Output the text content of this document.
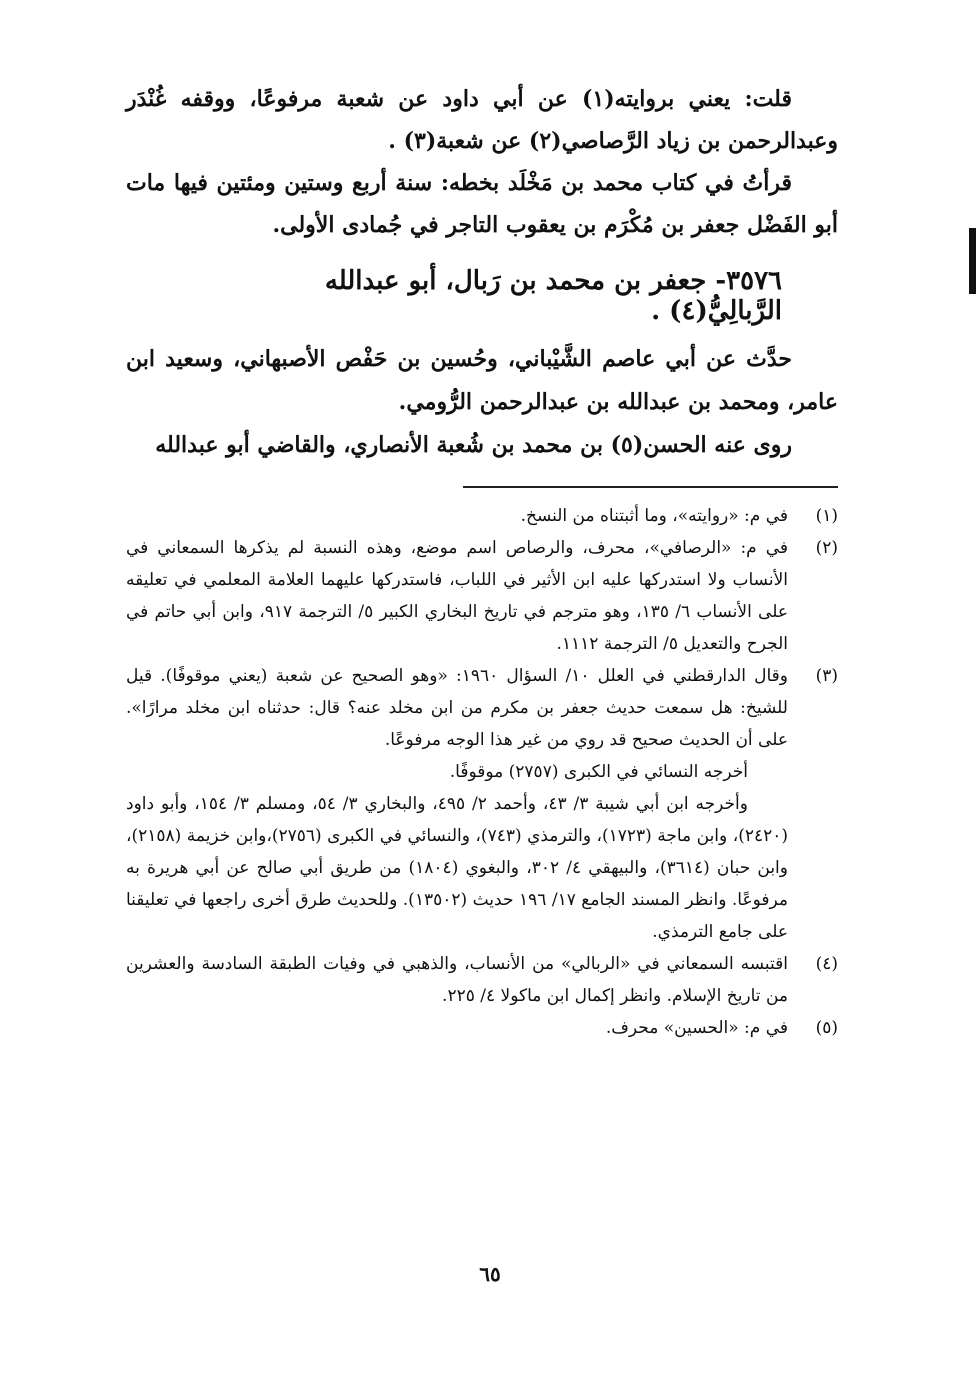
قلت: يعني بروايته(١) عن أبي داود عن شعبة مرفوعًا، ووقفه غُنْدَر وعبدالرحمن بن زياد الرَّصاصي(٢) عن شعبة(٣) .

قرأتُ في كتاب محمد بن مَخْلَد بخطه: سنة أربع وستين ومئتين فيها مات أبو الفَضْل جعفر بن مُكْرَم بن يعقوب التاجر في جُمادى الأولى.

٣٥٧٦- جعفر بن محمد بن رَبال، أبو عبدالله الرَّبالِيُّ(٤) .

حدَّث عن أبي عاصم الشَّيْباني، وحُسين بن حَفْص الأصبهاني، وسعيد ابن عامر، ومحمد بن عبدالله بن عبدالرحمن الرُّومي.

روى عنه الحسن(٥) بن محمد بن شُعبة الأنصاري، والقاضي أبو عبدالله

(١)
في م: «روايته»، وما أثبتناه من النسخ.
(٢)
في م: «الرصافي»، محرف، والرصاص اسم موضع، وهذه النسبة لم يذكرها السمعاني في الأنساب ولا استدركها عليه ابن الأثير في اللباب، فاستدركها عليهما العلامة المعلمي في تعليقه على الأنساب ٦/ ١٣٥، وهو مترجم في تاريخ البخاري الكبير ٥/ الترجمة ٩١٧، وابن أبي حاتم في الجرح والتعديل ٥/ الترجمة ١١١٢.
(٣)
وقال الدارقطني في العلل ١٠/ السؤال ١٩٦٠: «وهو الصحيح عن شعبة (يعني موقوفًا). قيل للشيخ: هل سمعت حديث جعفر بن مكرم من ابن مخلد عنه؟ قال: حدثناه ابن مخلد مرارًا». على أن الحديث صحيح قد روي من غير هذا الوجه مرفوعًا.
أخرجه النسائي في الكبرى (٢٧٥٧) موقوفًا.
وأخرجه ابن أبي شيبة ٣/ ٤٣، وأحمد ٢/ ٤٩٥، والبخاري ٣/ ٥٤، ومسلم ٣/ ١٥٤، وأبو داود (٢٤٢٠)، وابن ماجة (١٧٢٣)، والترمذي (٧٤٣)، والنسائي في الكبرى (٢٧٥٦)،وابن خزيمة (٢١٥٨)، وابن حبان (٣٦١٤)، والبيهقي ٤/ ٣٠٢، والبغوي (١٨٠٤) من طريق أبي صالح عن أبي هريرة به مرفوعًا. وانظر المسند الجامع ١٧/ ١٩٦ حديث (١٣٥٠٢). وللحديث طرق أخرى راجعها في تعليقنا على جامع الترمذي.
(٤)
اقتبسه السمعاني في «الربالي» من الأنساب، والذهبي في وفيات الطبقة السادسة والعشرين من تاريخ الإسلام. وانظر إكمال ابن ماكولا ٤/ ٢٢٥.
(٥)
في م: «الحسين» محرف.
٦٥
